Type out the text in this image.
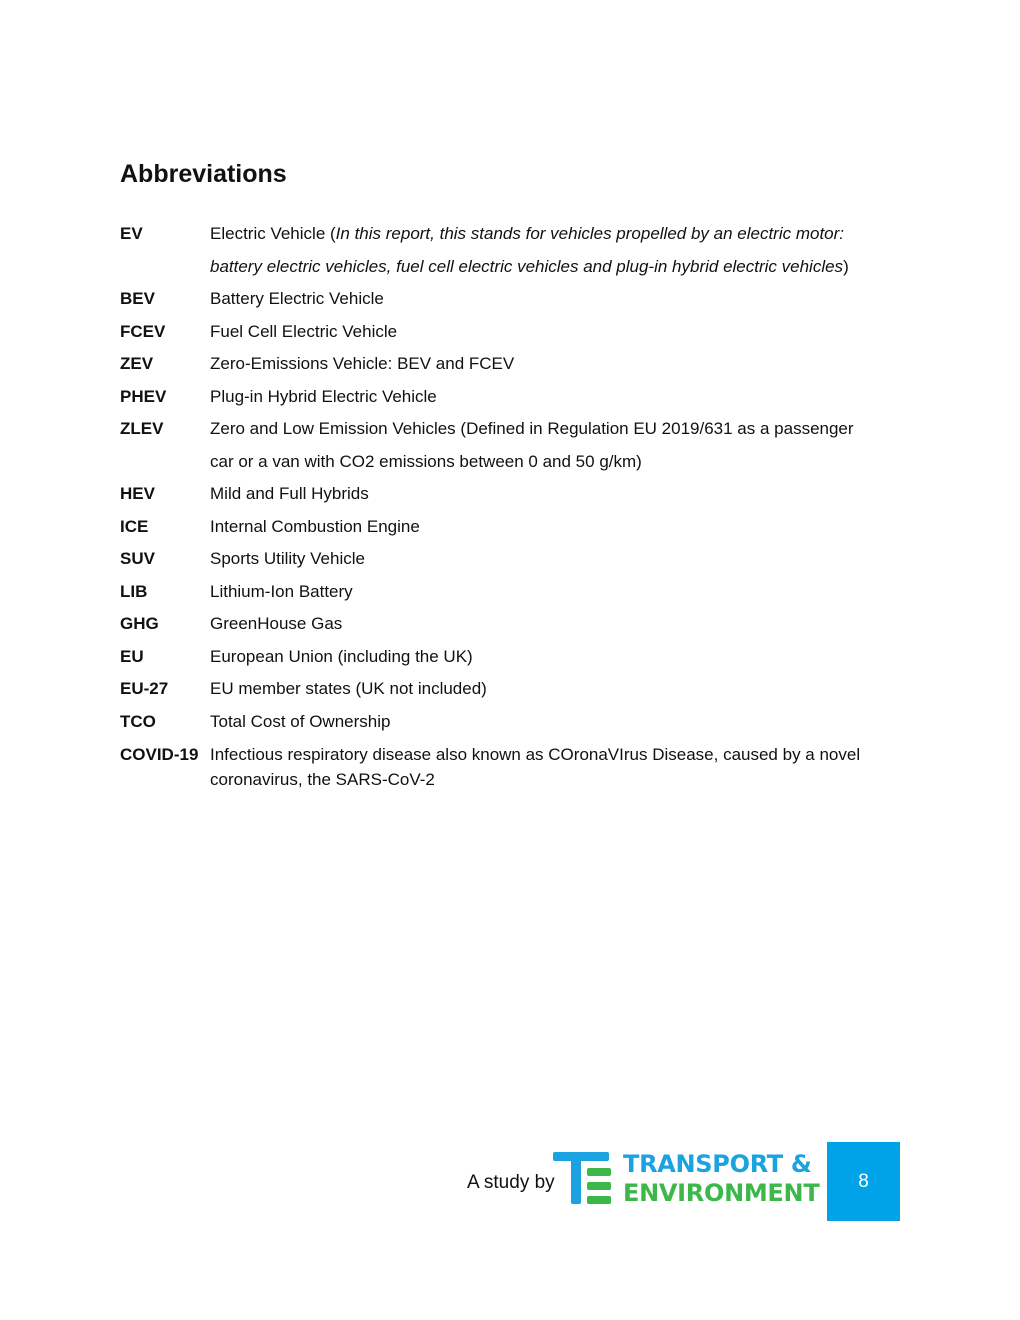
Abbreviations
EV	Electric Vehicle (In this report, this stands for vehicles propelled by an electric motor: battery electric vehicles, fuel cell electric vehicles and plug-in hybrid electric vehicles)
BEV	Battery Electric Vehicle
FCEV	Fuel Cell Electric Vehicle
ZEV	Zero-Emissions Vehicle: BEV and FCEV
PHEV	Plug-in Hybrid Electric Vehicle
ZLEV	Zero and Low Emission Vehicles (Defined in Regulation EU 2019/631 as a passenger car or a van with CO2 emissions between 0 and 50 g/km)
HEV	Mild and Full Hybrids
ICE	Internal Combustion Engine
SUV	Sports Utility Vehicle
LIB	Lithium-Ion Battery
GHG	GreenHouse Gas
EU	European Union (including the UK)
EU-27	EU member states (UK not included)
TCO	Total Cost of Ownership
COVID-19 Infectious respiratory disease also known as COronaVIrus Disease, caused by a novel coronavirus, the SARS-CoV-2
A study by
TRANSPORT &
ENVIRONMENT	8
